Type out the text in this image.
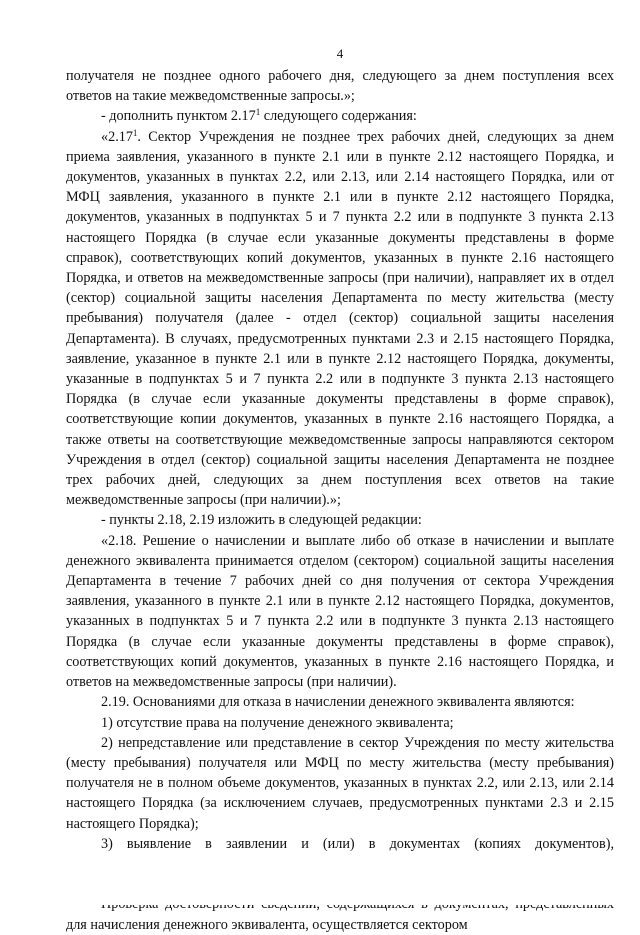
4

получателя не позднее одного рабочего дня, следующего за днем поступления всех ответов на такие межведомственные запросы.»;

- дополнить пунктом 2.17$^1$ следующего содержания:

«2.17$^1$. Сектор Учреждения не позднее трех рабочих дней, следующих за днем приема заявления, указанного в пункте 2.1 или в пункте 2.12 настоящего Порядка, и документов, указанных в пунктах 2.2, или 2.13, или 2.14 настоящего Порядка, или от МФЦ заявления, указанного в пункте 2.1 или в пункте 2.12 настоящего Порядка, документов, указанных в подпунктах 5 и 7 пункта 2.2 или в подпункте 3 пункта 2.13 настоящего Порядка (в случае если указанные документы представлены в форме справок), соответствующих копий документов, указанных в пункте 2.16 настоящего Порядка, и ответов на межведомственные запросы (при наличии), направляет их в отдел (сектор) социальной защиты населения Департамента по месту жительства (месту пребывания) получателя (далее - отдел (сектор) социальной защиты населения Департамента). В случаях, предусмотренных пунктами 2.3 и 2.15 настоящего Порядка, заявление, указанное в пункте 2.1 или в пункте 2.12 настоящего Порядка, документы, указанные в подпунктах 5 и 7 пункта 2.2 или в подпункте 3 пункта 2.13 настоящего Порядка (в случае если указанные документы представлены в форме справок), соответствующие копии документов, указанных в пункте 2.16 настоящего Порядка, а также ответы на соответствующие межведомственные запросы направляются сектором Учреждения в отдел (сектор) социальной защиты населения Департамента не позднее трех рабочих дней, следующих за днем поступления всех ответов на такие межведомственные запросы (при наличии).»;

- пункты 2.18, 2.19 изложить в следующей редакции:

«2.18. Решение о начислении и выплате либо об отказе в начислении и выплате денежного эквивалента принимается отделом (сектором) социальной защиты населения Департамента в течение 7 рабочих дней со дня получения от сектора Учреждения заявления, указанного в пункте 2.1 или в пункте 2.12 настоящего Порядка, документов, указанных в подпунктах 5 и 7 пункта 2.2 или в подпункте 3 пункта 2.13 настоящего Порядка (в случае если указанные документы представлены в форме справок), соответствующих копий документов, указанных в пункте 2.16 настоящего Порядка, и ответов на межведомственные запросы (при наличии).

2.19. Основаниями для отказа в начислении денежного эквивалента являются:

1) отсутствие права на получение денежного эквивалента;

2) непредставление или представление в сектор Учреждения по месту жительства (месту пребывания) получателя или МФЦ по месту жительства (месту пребывания) получателя не в полном объеме документов, указанных в пунктах 2.2, или 2.13, или 2.14 настоящего Порядка (за исключением случаев, предусмотренных пунктами 2.3 и 2.15 настоящего Порядка);

3) выявление в заявлении и (или) в документах (копиях документов),

для начисления денежного эквивалента, осуществляется сектором
